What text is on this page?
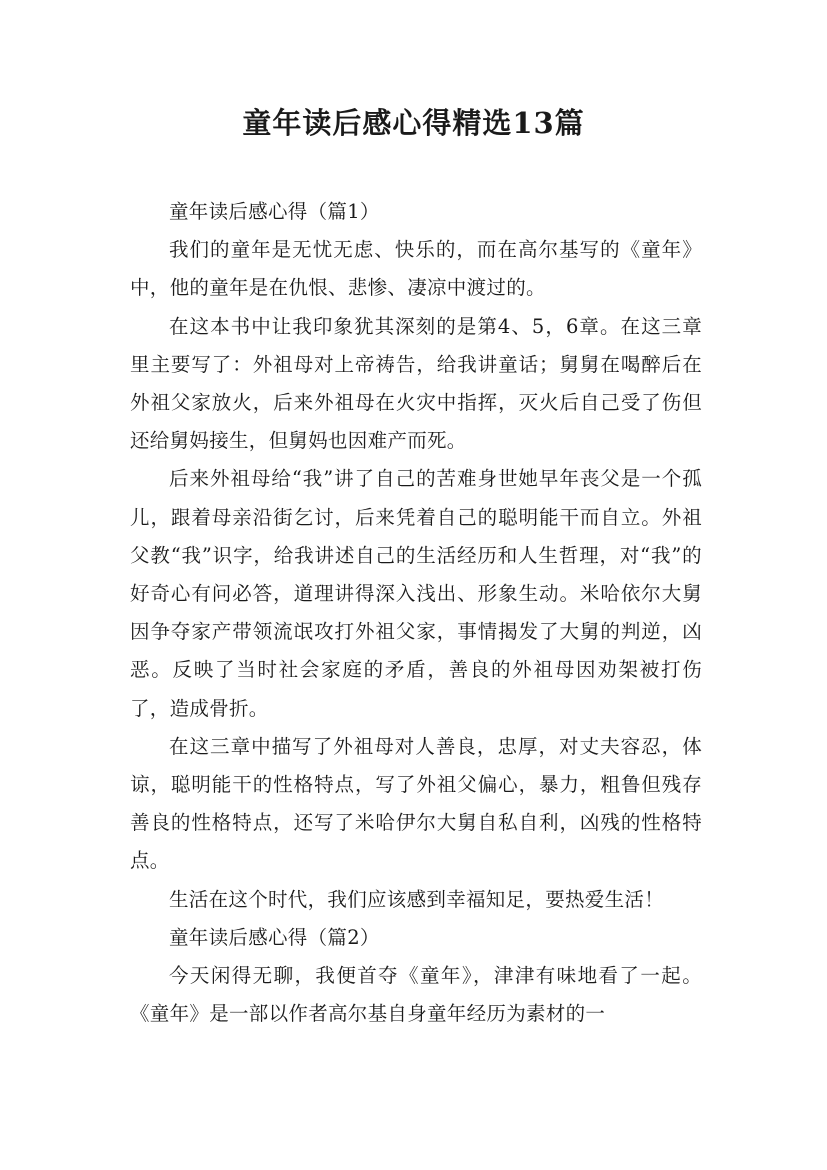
童年读后感心得精选13篇

童年读后感心得（篇1）

我们的童年是无忧无虑、快乐的，而在高尔基写的《童年》中，他的童年是在仇恨、悲惨、凄凉中渡过的。

在这本书中让我印象犹其深刻的是第4、5，6章。在这三章里主要写了：外祖母对上帝祷告，给我讲童话；舅舅在喝醉后在外祖父家放火，后来外祖母在火灾中指挥，灭火后自己受了伤但还给舅妈接生，但舅妈也因难产而死。

后来外祖母给“我”讲了自己的苦难身世她早年丧父是一个孤儿，跟着母亲沿街乞讨，后来凭着自己的聪明能干而自立。外祖父教“我”识字，给我讲述自己的生活经历和人生哲理，对“我”的好奇心有问必答，道理讲得深入浅出、形象生动。米哈依尔大舅因争夺家产带领流氓攻打外祖父家，事情揭发了大舅的判逆，凶恶。反映了当时社会家庭的矛盾，善良的外祖母因劝架被打伤了，造成骨折。

在这三章中描写了外祖母对人善良，忠厚，对丈夫容忍，体谅，聪明能干的性格特点，写了外祖父偏心，暴力，粗鲁但残存善良的性格特点，还写了米哈伊尔大舅自私自利，凶残的性格特点。

生活在这个时代，我们应该感到幸福知足，要热爱生活！

童年读后感心得（篇2）

今天闲得无聊，我便首夺《童年》，津津有味地看了一起。《童年》是一部以作者高尔基自身童年经历为素材的一
